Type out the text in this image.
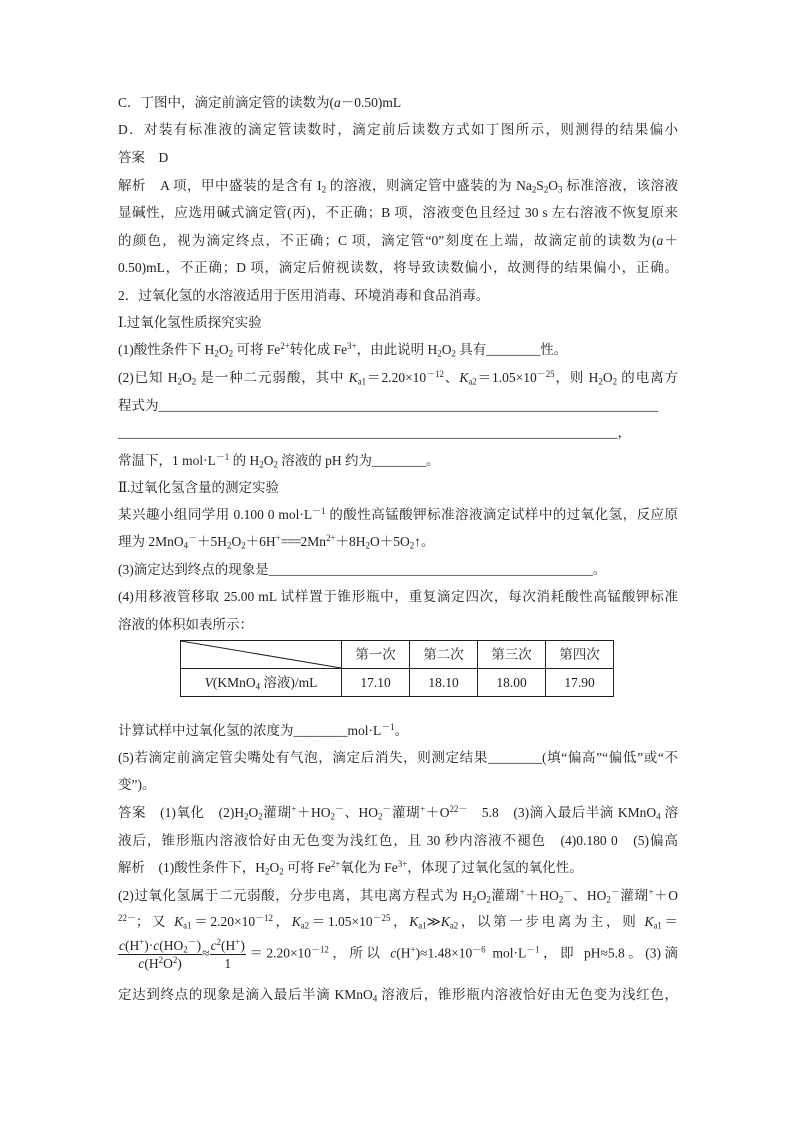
C．丁图中，滴定前滴定管的读数为(a－0.50)mL
D．对装有标准液的滴定管读数时，滴定前后读数方式如丁图所示，则测得的结果偏小
答案　D
解析　A 项，甲中盛装的是含有 $I_2$ 的溶液，则滴定管中盛装的为 $Na_2S_2O_3$ 标准溶液，该溶液
显碱性，应选用碱式滴定管(丙)，不正确；B 项，溶液变色且经过 30 s 左右溶液不恢复原来
的颜色，视为滴定终点，不正确；C 项，滴定管“0”刻度在上端，故滴定前的读数为(a＋
0.50)mL，不正确；D 项，滴定后俯视读数，将导致读数偏小，故测得的结果偏小，正确。
2．过氧化氢的水溶液适用于医用消毒、环境消毒和食品消毒。
Ⅰ.过氧化氢性质探究实验
(1)酸性条件下 $H_2O_2$ 可将 $Fe^{2+}$转化成 $Fe^{3+}$，由此说明 $H_2O_2$ 具有________性。
(2)已知 $H_2O_2$ 是一种二元弱酸，其中 $K_{a1}=2.20\times 10^{-12}$、$K_{a2}=1.05\times 10^{-25}$，则 $H_2O_2$ 的电离方
程式为__________________________________________________________________________
__________________________________________________________________________，
常温下，1 $mol\cdot L^{-1}$ 的 $H_2O_2$ 溶液的 pH 约为________。
Ⅱ.过氧化氢含量的测定实验
某兴趣小组同学用 0.100 0 $mol\cdot L^{-1}$ 的酸性高锰酸钾标准溶液滴定试样中的过氧化氢，反应原
理为 $2MnO_4^-+5H_2O_2+6H^+===2Mn^{2+}+8H_2O+5O_2↑$。
(3)滴定达到终点的现象是________________________________________________。
(4)用移液管移取 25.00 mL 试样置于锥形瓶中，重复滴定四次，每次消耗酸性高锰酸钾标准
溶液的体积如表所示：
	第一次	第二次	第三次	第四次
V(KMnO$_4$ 溶液)/mL	17.10	18.10	18.00	17.90
计算试样中过氧化氢的浓度为$\_\_\_\_\_\_\_\_mol\cdot L^{-1}$。
(5)若滴定前滴定管尖嘴处有气泡，滴定后消失，则测定结果________(填“偏高”“偏低”或“不
变”)。
答案　(1)氧化　$(2)H_2O_2$灌瑚$^++HO_2^-$、$HO_2^-$灌瑚$^++O^{22-}$　5.8　(3)滴入最后半滴 KMnO$_4$ 溶
液后，锥形瓶内溶液恰好由无色变为浅红色，且 30 秒内溶液不褪色　(4)0.180 0　(5)偏高
解析　(1)酸性条件下，$H_2O_2$ 可将 $Fe^{2+}$氧化为 $Fe^{3+}$，体现了过氧化氢的氧化性。
(2)过氧化氢属于二元弱酸，分步电离，其电离方程式为 $H_2O_2$灌瑚$^++HO_2^-$、$HO_2^-$灌瑚+＋O
$^{22-}$；又 $K_{a1}=2.20\times 10^{-12}$，$K_{a2}=1.05\times 10^{-25}$，$K_{a1}≫K_{a2}$，以第一步电离为主，则 $K_{a1}=$
$\frac{c(H^+)\cdot c(HO_2^-)}{c(H^2O^2)} \approx \frac{c^2(H^+)}{1} =2.20\times 10^{-12}$，所以 $c(H^+)\approx 1.48\times 10^{-6}$ $mol\cdot L^{-1}$，即 pH≈5.8。(3)滴
定达到终点的现象是滴入最后半滴 KMnO$_4$ 溶液后，锥形瓶内溶液恰好由无色变为浅红色，
